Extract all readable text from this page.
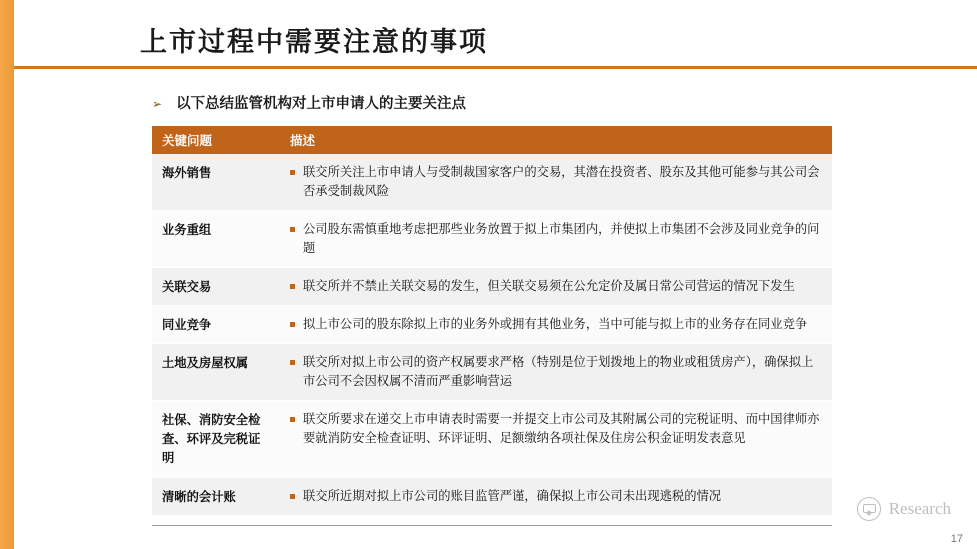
上市过程中需要注意的事项
➢ 以下总结监管机构对上市申请人的主要关注点
关键问题	描述
海外销售	联交所关注上市申请人与受制裁国家客户的交易，其潜在投资者、股东及其他可能参与其公司会否承受制裁风险

业务重组	公司股东需慎重地考虑把那些业务放置于拟上市集团内，并使拟上市集团不会涉及同业竞争的问题

关联交易	联交所并不禁止关联交易的发生，但关联交易须在公允定价及属日常公司营运的情况下发生

同业竞争	拟上市公司的股东除拟上市的业务外或拥有其他业务，当中可能与拟上市的业务存在同业竞争

土地及房屋权属	联交所对拟上市公司的资产权属要求严格（特别是位于划拨地上的物业或租赁房产），确保拟上市公司不会因权属不清而严重影响营运

社保、消防安全检查、环评及完税证明	联交所要求在递交上市申请表时需要一并提交上市公司及其附属公司的完税证明、而中国律师亦要就消防安全检查证明、环评证明、足额缴纳各项社保及住房公积金证明发表意见

清晰的会计账	联交所近期对拟上市公司的账目监管严谨，确保拟上市公司未出现逃税的情况
Research
17
